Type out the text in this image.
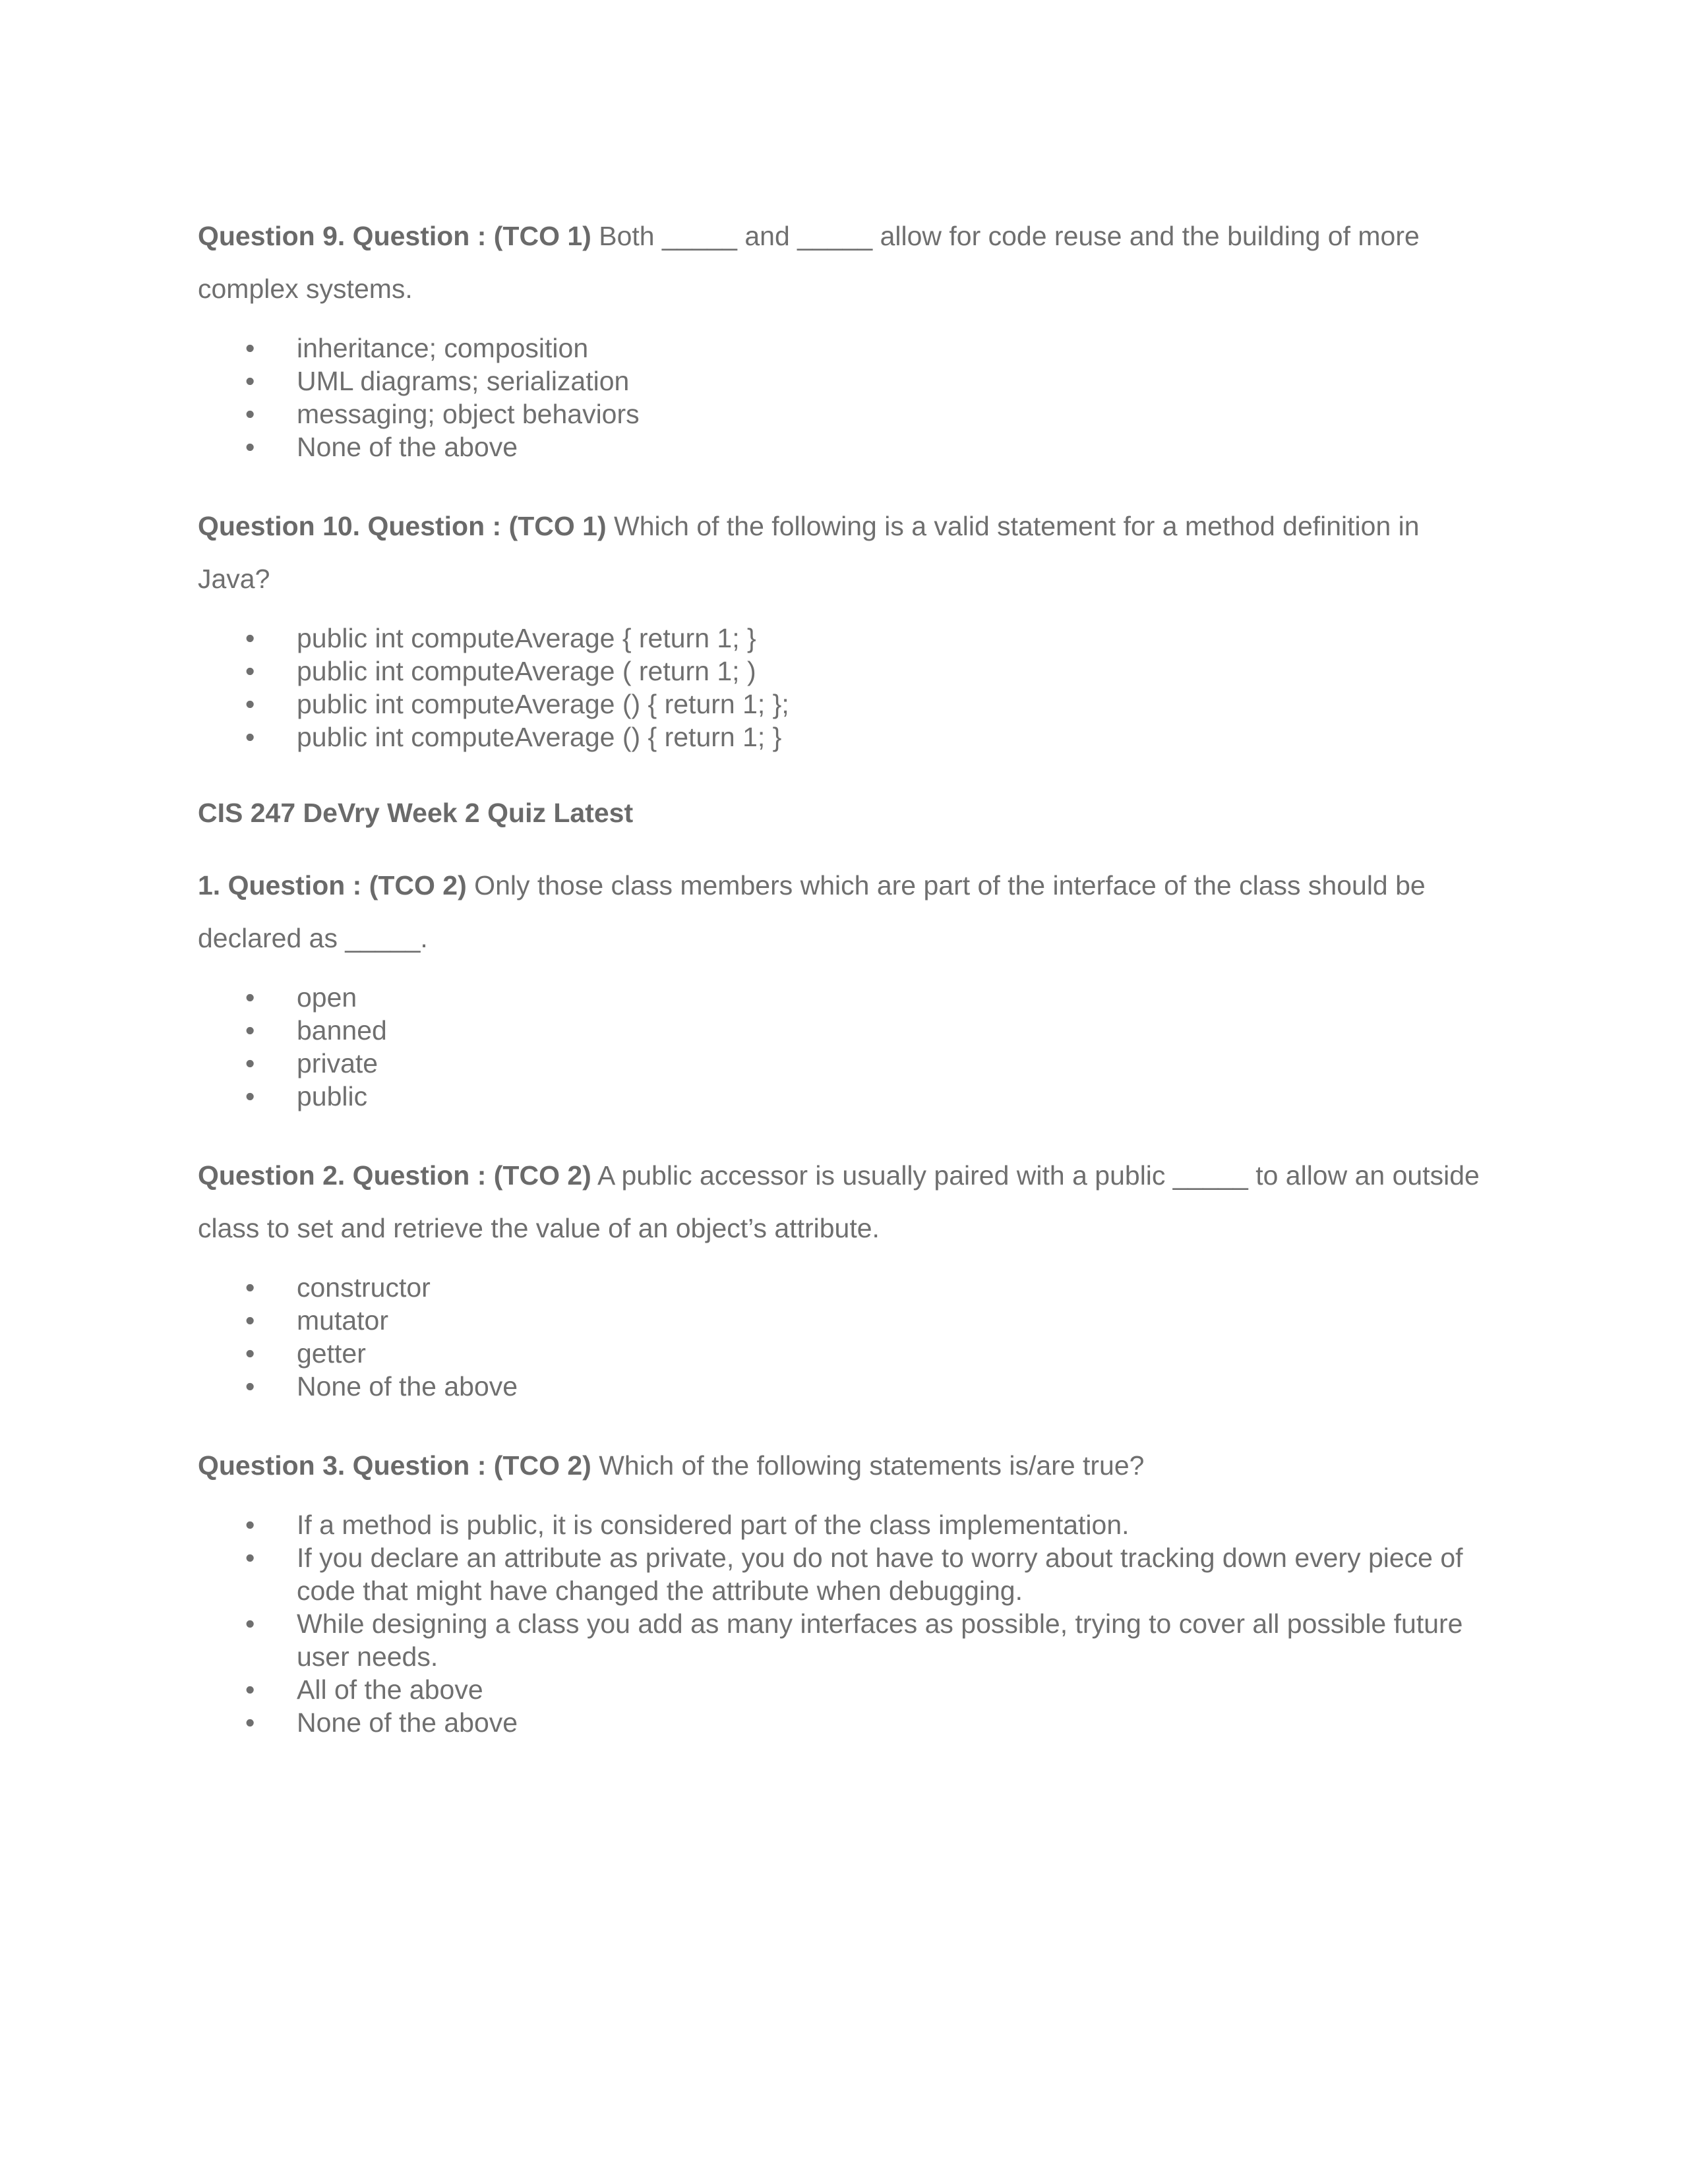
Question 9. Question : (TCO 1) Both _____ and _____ allow for code reuse and the building of more complex systems.

• inheritance; composition
• UML diagrams; serialization
• messaging; object behaviors
• None of the above

Question 10. Question : (TCO 1) Which of the following is a valid statement for a method definition in Java?

• public int computeAverage { return 1; }
• public int computeAverage ( return 1; )
• public int computeAverage () { return 1; };
• public int computeAverage () { return 1; }

CIS 247 DeVry Week 2 Quiz Latest

1. Question : (TCO 2) Only those class members which are part of the interface of the class should be declared as _____.

• open
• banned
• private
• public

Question 2. Question : (TCO 2) A public accessor is usually paired with a public _____ to allow an outside class to set and retrieve the value of an object’s attribute.

• constructor
• mutator
• getter
• None of the above

Question 3. Question : (TCO 2) Which of the following statements is/are true?

• If a method is public, it is considered part of the class implementation.
• If you declare an attribute as private, you do not have to worry about tracking down every piece of code that might have changed the attribute when debugging.
• While designing a class you add as many interfaces as possible, trying to cover all possible future user needs.
• All of the above
• None of the above
